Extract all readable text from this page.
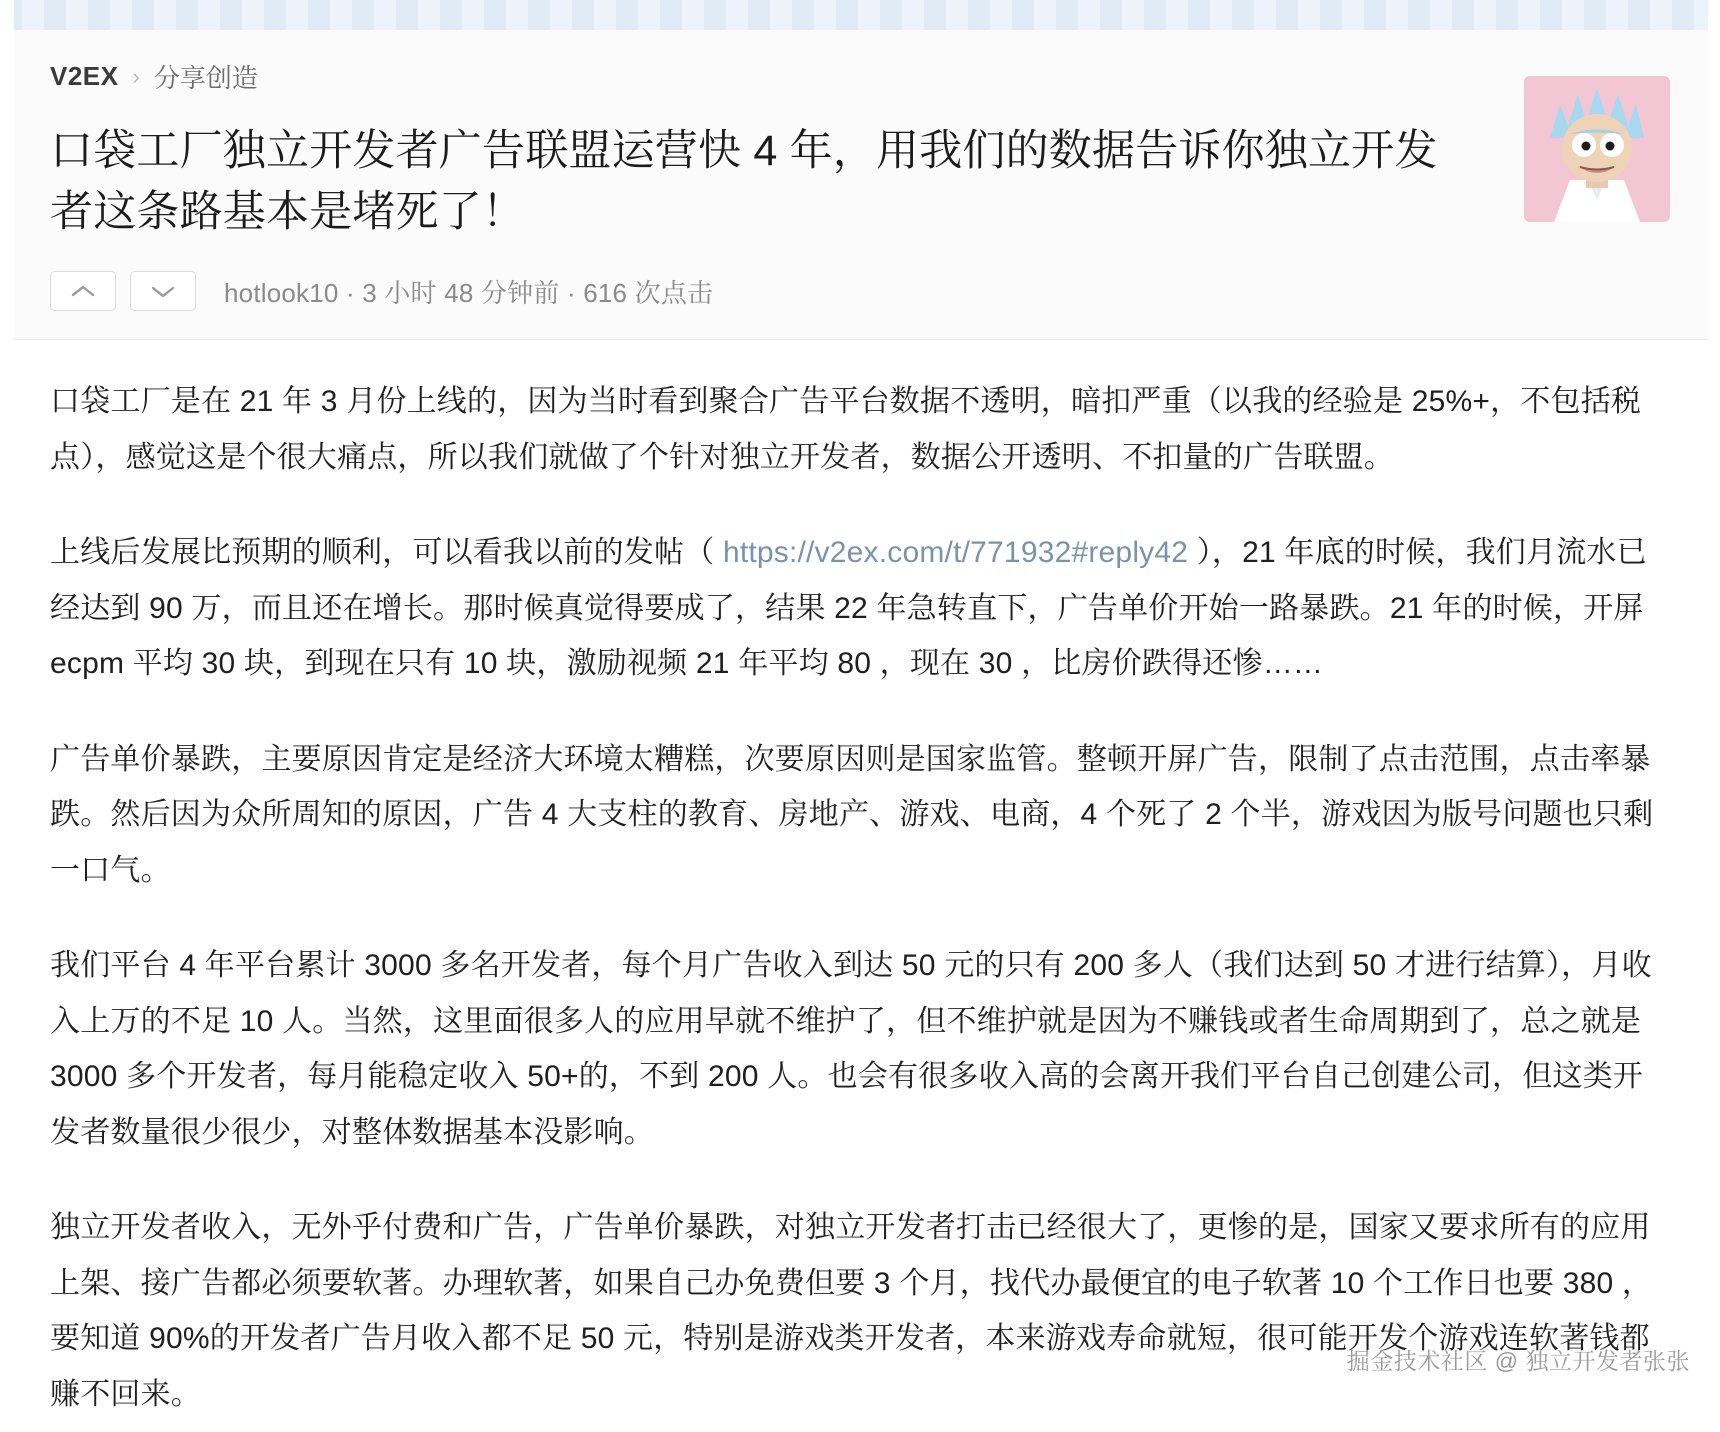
V2EX › 分享创造
口袋工厂独立开发者广告联盟运营快 4 年，用我们的数据告诉你独立开发者这条路基本是堵死了！
hotlook10 · 3 小时 48 分钟前 · 616 次点击

口袋工厂是在 21 年 3 月份上线的，因为当时看到聚合广告平台数据不透明，暗扣严重（以我的经验是 25%+，不包括税点），感觉这是个很大痛点，所以我们就做了个针对独立开发者，数据公开透明、不扣量的广告联盟。

上线后发展比预期的顺利，可以看我以前的发帖（ https://v2ex.com/t/771932#reply42 ），21 年底的时候，我们月流水已经达到 90 万，而且还在增长。那时候真觉得要成了，结果 22 年急转直下，广告单价开始一路暴跌。21 年的时候，开屏 ecpm 平均 30 块，到现在只有 10 块，激励视频 21 年平均 80 ，现在 30 ，比房价跌得还惨……

广告单价暴跌，主要原因肯定是经济大环境太糟糕，次要原因则是国家监管。整顿开屏广告，限制了点击范围，点击率暴跌。然后因为众所周知的原因，广告 4 大支柱的教育、房地产、游戏、电商，4 个死了 2 个半，游戏因为版号问题也只剩一口气。

我们平台 4 年平台累计 3000 多名开发者，每个月广告收入到达 50 元的只有 200 多人（我们达到 50 才进行结算），月收入上万的不足 10 人。当然，这里面很多人的应用早就不维护了，但不维护就是因为不赚钱或者生命周期到了，总之就是 3000 多个开发者，每月能稳定收入 50+的，不到 200 人。也会有很多收入高的会离开我们平台自己创建公司，但这类开发者数量很少很少，对整体数据基本没影响。

独立开发者收入，无外乎付费和广告，广告单价暴跌，对独立开发者打击已经很大了，更惨的是，国家又要求所有的应用上架、接广告都必须要软著。办理软著，如果自己办免费但要 3 个月，找代办最便宜的电子软著 10 个工作日也要 380 ，要知道 90%的开发者广告月收入都不足 50 元，特别是游戏类开发者，本来游戏寿命就短，很可能开发个游戏连软著钱都赚不回来。

掘金技术社区 @ 独立开发者张张
